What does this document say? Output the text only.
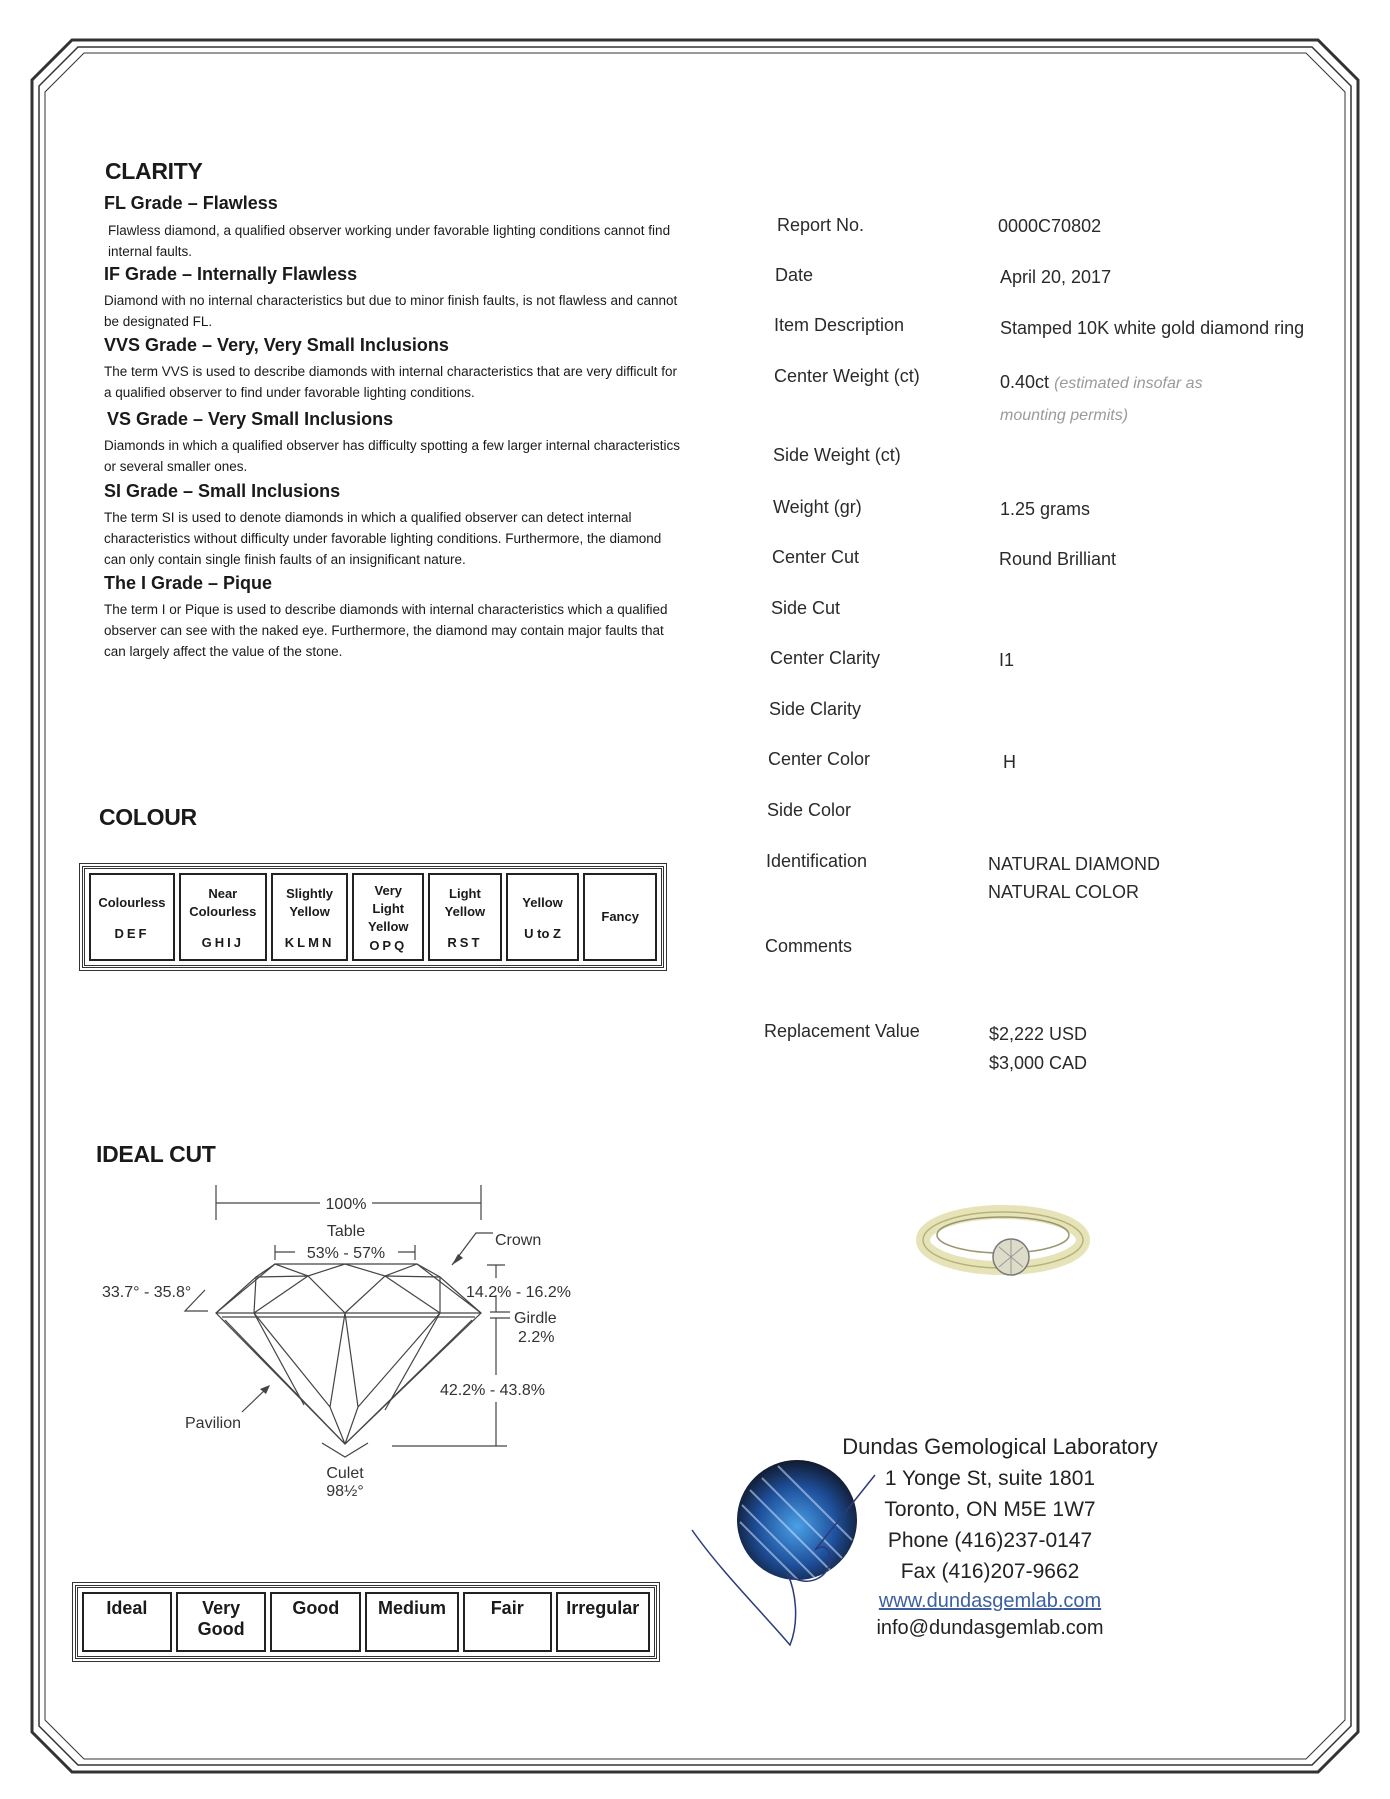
CLARITY
FL Grade – Flawless
Flawless diamond, a qualified observer working under favorable lighting conditions cannot find internal faults.
IF Grade – Internally Flawless
Diamond with no internal characteristics but due to minor finish faults, is not flawless and cannot be designated FL.
VVS Grade – Very, Very Small Inclusions
The term VVS is used to describe diamonds with internal characteristics that are very difficult for a qualified observer to find under favorable lighting conditions.
VS Grade – Very Small Inclusions
Diamonds in which a qualified observer has difficulty spotting a few larger internal characteristics or several smaller ones.
SI Grade – Small Inclusions
The term SI is used to denote diamonds in which a qualified observer can detect internal characteristics without difficulty under favorable lighting conditions. Furthermore, the diamond can only contain single finish faults of an insignificant nature.
The I Grade – Pique
The term I or Pique is used to describe diamonds with internal characteristics which a qualified observer can see with the naked eye. Furthermore, the diamond may contain major faults that can largely affect the value of the stone.
COLOUR
Colourless
DEF

Near Colourless
GHIJ

Slightly Yellow
KLMN

Very Light Yellow
OPQ

Light Yellow
RST

Yellow
U to Z

Fancy
IDEAL CUT
100%
Table
53% - 57%
Crown
33.7° - 35.8°	14.2% - 16.2%
Girdle
2.2%
42.2% - 43.8%
Pavilion
Culet
98½°
Ideal	Very Good	Good	Medium	Fair	Irregular
Report No.	0000C70802
Date	April 20, 2017
Item Description	Stamped 10K white gold diamond ring
Center Weight (ct)	0.40ct (estimated insofar as mounting permits)
Side Weight (ct)
Weight (gr)	1.25 grams
Center Cut	Round Brilliant
Side Cut
Center Clarity	I1
Side Clarity
Center Color	H
Side Color
Identification	NATURAL DIAMOND
NATURAL COLOR
Comments
Replacement Value	$2,222 USD
$3,000 CAD
Dundas Gemological Laboratory
1 Yonge St, suite 1801
Toronto, ON M5E 1W7
Phone (416)237-0147
Fax (416)207-9662
www.dundasgemlab.com
info@dundasgemlab.com
